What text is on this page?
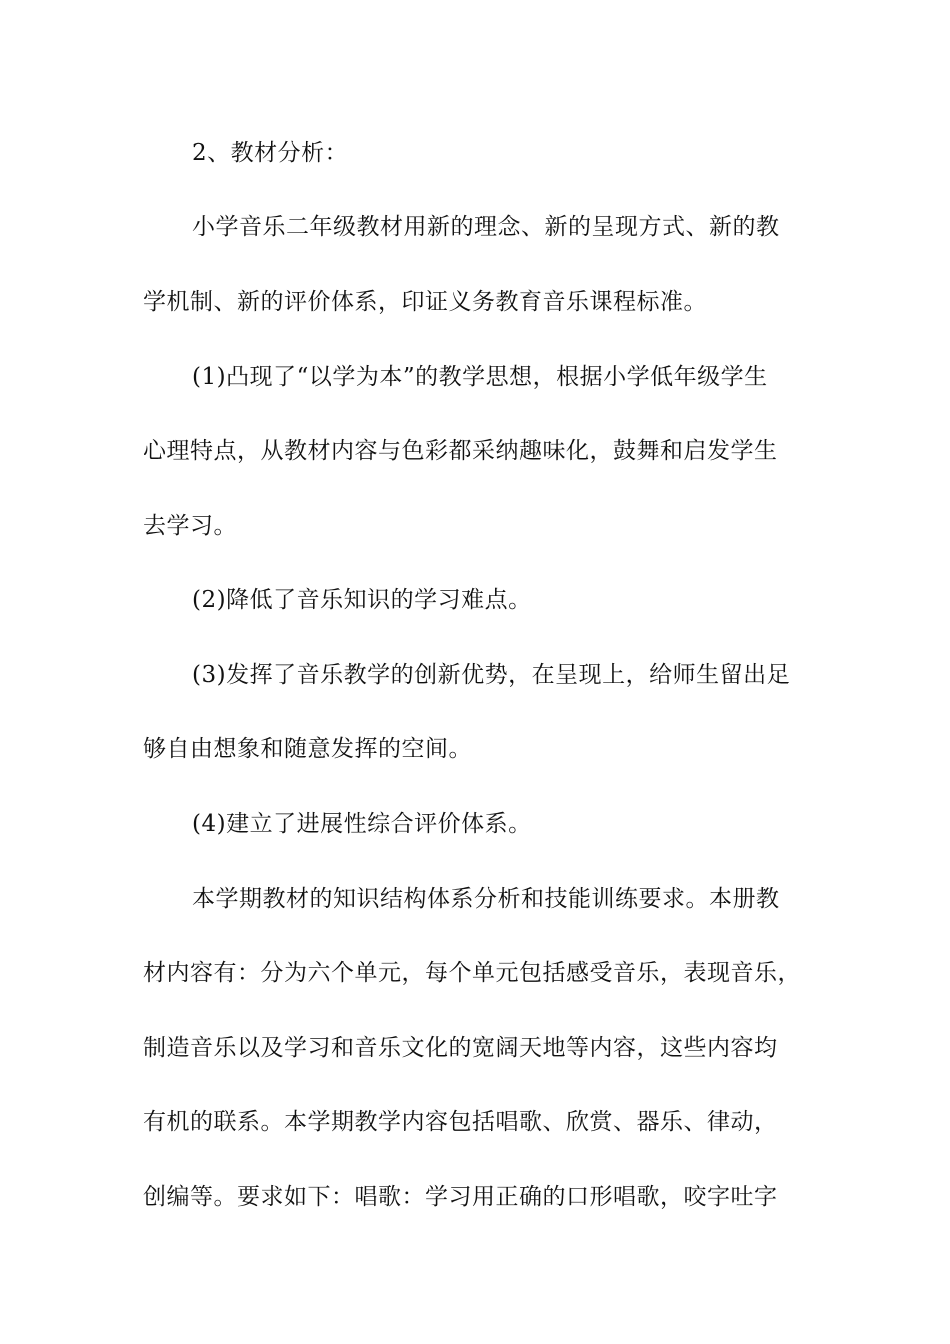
2、教材分析：
小学音乐二年级教材用新的理念、新的呈现方式、新的教
学机制、新的评价体系，印证义务教育音乐课程标准。
(1)凸现了“以学为本”的教学思想，根据小学低年级学生
心理特点，从教材内容与色彩都采纳趣味化，鼓舞和启发学生
去学习。
(2)降低了音乐知识的学习难点。
(3)发挥了音乐教学的创新优势，在呈现上，给师生留出足
够自由想象和随意发挥的空间。
(4)建立了进展性综合评价体系。
本学期教材的知识结构体系分析和技能训练要求。本册教
材内容有：分为六个单元，每个单元包括感受音乐，表现音乐，
制造音乐以及学习和音乐文化的宽阔天地等内容，这些内容均
有机的联系。本学期教学内容包括唱歌、欣赏、器乐、律动，
创编等。要求如下：唱歌：学习用正确的口形唱歌，咬字吐字
